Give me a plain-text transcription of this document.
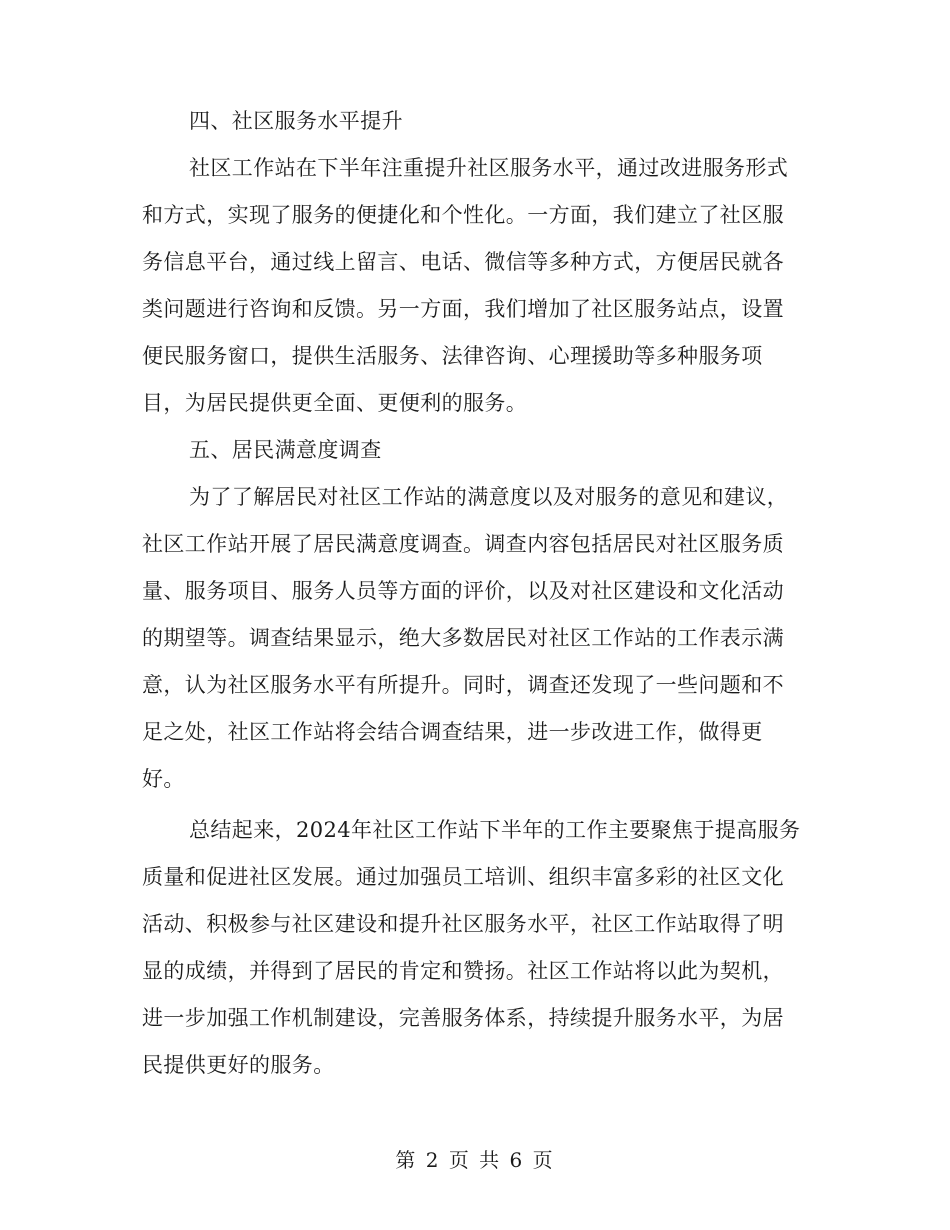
四、社区服务水平提升
社区工作站在下半年注重提升社区服务水平，通过改进服务形式
和方式，实现了服务的便捷化和个性化。一方面，我们建立了社区服
务信息平台，通过线上留言、电话、微信等多种方式，方便居民就各
类问题进行咨询和反馈。另一方面，我们增加了社区服务站点，设置
便民服务窗口，提供生活服务、法律咨询、心理援助等多种服务项
目，为居民提供更全面、更便利的服务。
五、居民满意度调查
为了了解居民对社区工作站的满意度以及对服务的意见和建议，
社区工作站开展了居民满意度调查。调查内容包括居民对社区服务质
量、服务项目、服务人员等方面的评价，以及对社区建设和文化活动
的期望等。调查结果显示，绝大多数居民对社区工作站的工作表示满
意，认为社区服务水平有所提升。同时，调查还发现了一些问题和不
足之处，社区工作站将会结合调查结果，进一步改进工作，做得更
好。
总结起来，2024年社区工作站下半年的工作主要聚焦于提高服务
质量和促进社区发展。通过加强员工培训、组织丰富多彩的社区文化
活动、积极参与社区建设和提升社区服务水平，社区工作站取得了明
显的成绩，并得到了居民的肯定和赞扬。社区工作站将以此为契机，
进一步加强工作机制建设，完善服务体系，持续提升服务水平，为居
民提供更好的服务。
第 2 页 共 6 页
